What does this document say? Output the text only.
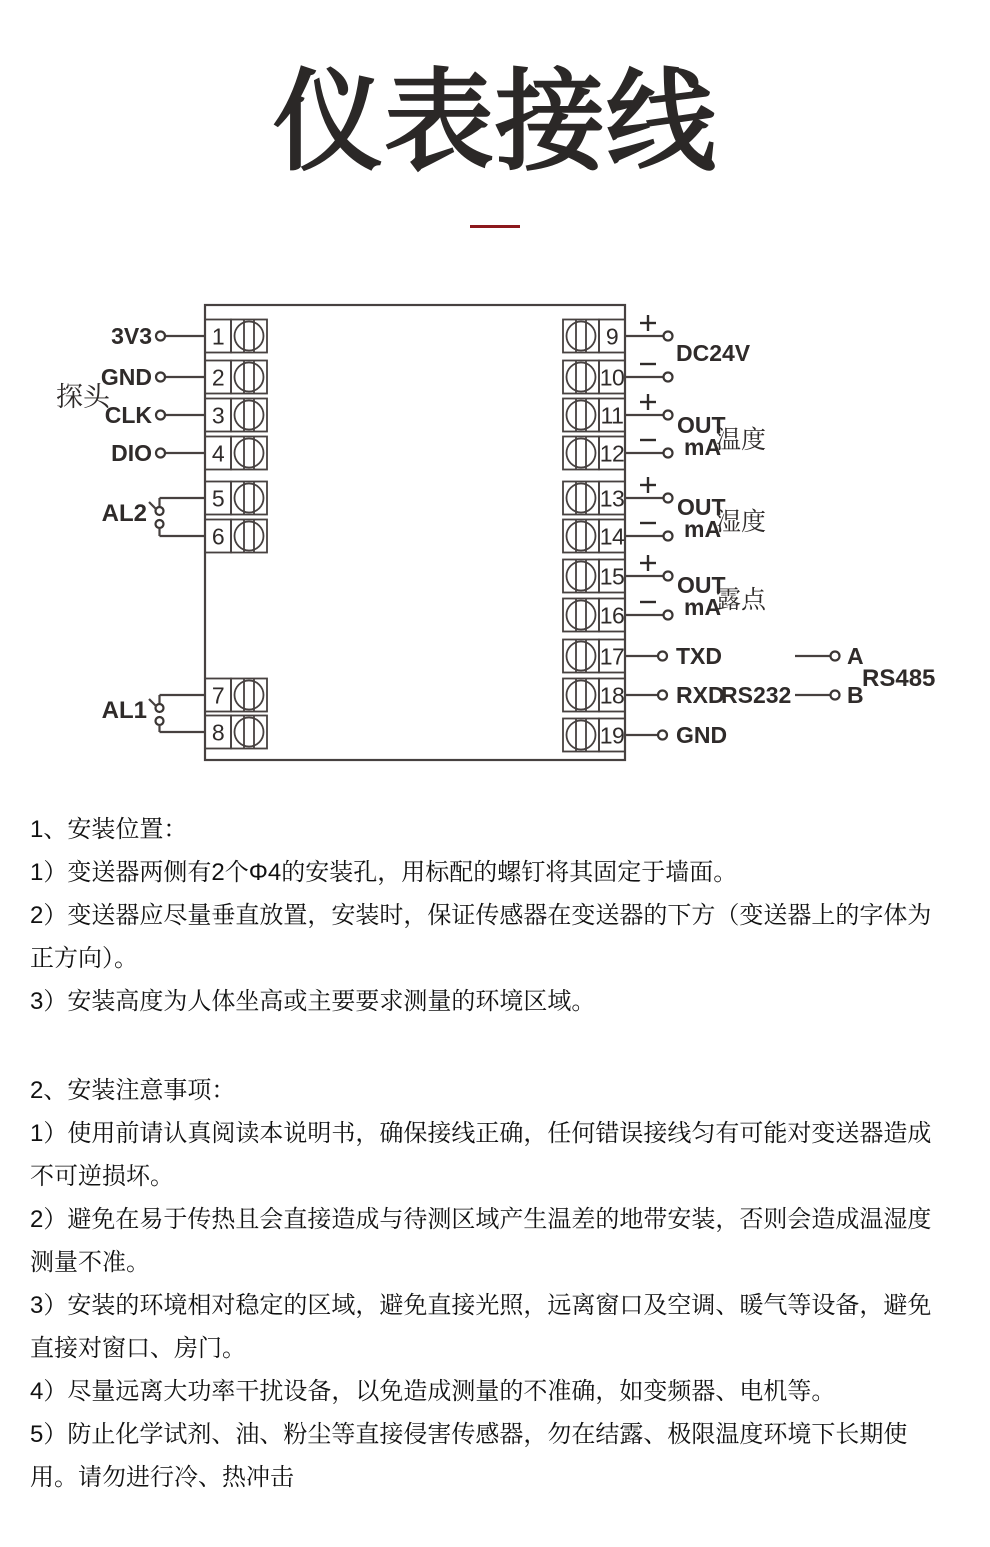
仪表接线
1
2
3
4
5
6
7
8
3V3
GND
CLK
DIO
探头
AL2
AL1
9
10
11
12
13
14
15
16
17
18
19
DC24V
OUT
mA
温度
OUT
mA
湿度
OUT
mA
露点
TXD
RXD
RS232
GND
A
B
RS485

1、安装位置：

1）变送器两侧有2个Φ4的安装孔，用标配的螺钉将其固定于墙面。

2）变送器应尽量垂直放置，安装时，保证传感器在变送器的下方（变送器上的字体为正方向）。

3）安装高度为人体坐高或主要要求测量的环境区域。

2、安装注意事项：

1）使用前请认真阅读本说明书，确保接线正确，任何错误接线匀有可能对变送器造成不可逆损坏。

2）避免在易于传热且会直接造成与待测区域产生温差的地带安装，否则会造成温湿度测量不准。

3）安装的环境相对稳定的区域，避免直接光照，远离窗口及空调、暖气等设备，避免直接对窗口、房门。

4）尽量远离大功率干扰设备，以免造成测量的不准确，如变频器、电机等。

5）防止化学试剂、油、粉尘等直接侵害传感器，勿在结露、极限温度环境下长期使用。请勿进行冷、热冲击
